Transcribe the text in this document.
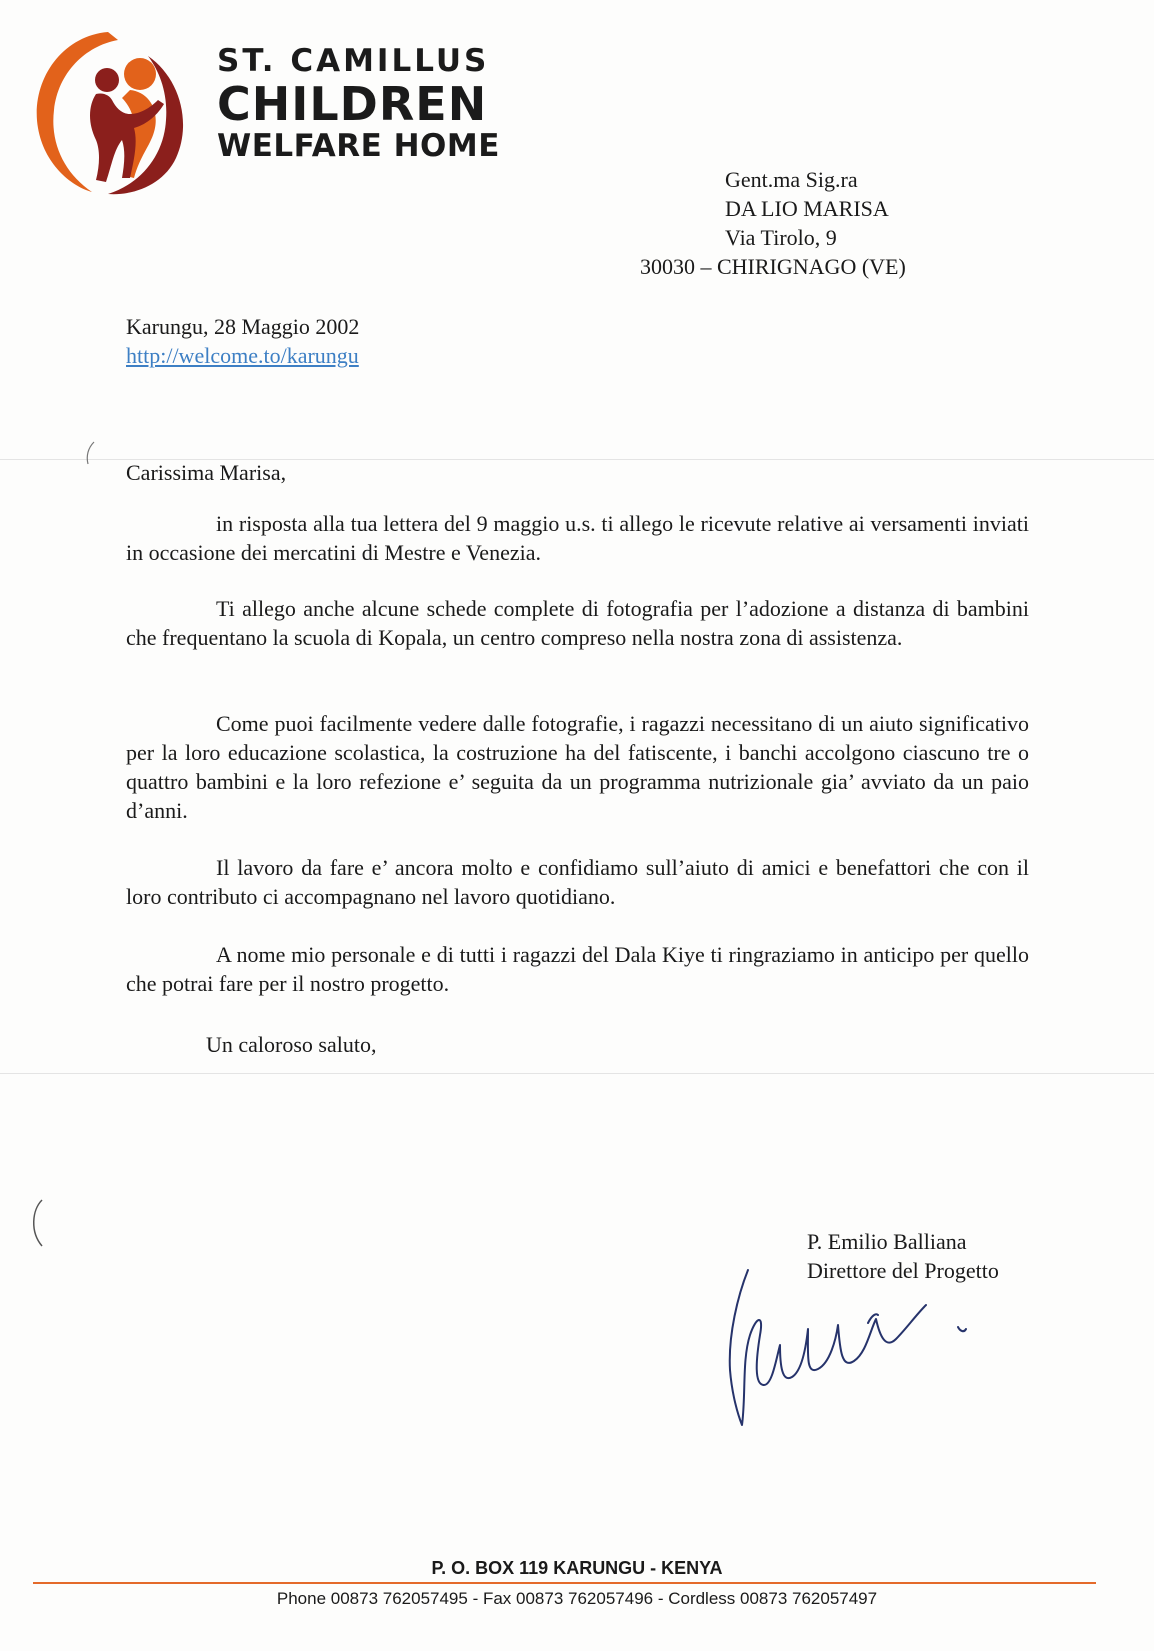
ST. CAMILLUS
CHILDREN
WELFARE HOME
Gent.ma Sig.ra
DA LIO MARISA
Via Tirolo, 9
30030 – CHIRIGNAGO (VE)
Karungu, 28 Maggio 2002
http://welcome.to/karungu
Carissima Marisa,
in risposta alla tua lettera del 9 maggio u.s. ti allego le ricevute relative ai versamenti inviati in occasione dei mercatini di Mestre e Venezia.
Ti allego anche alcune schede complete di fotografia per l’adozione a distanza di bambini che frequentano la scuola di Kopala, un centro compreso nella nostra zona di assistenza.
Come puoi facilmente vedere dalle fotografie, i ragazzi necessitano di un aiuto significativo per la loro educazione scolastica, la costruzione ha del fatiscente, i banchi accolgono ciascuno tre o quattro bambini e la loro refezione e’ seguita da un programma nutrizionale gia’ avviato da un paio d’anni.
Il lavoro da fare e’ ancora molto e confidiamo sull’aiuto di amici e benefattori che con il loro contributo ci accompagnano nel lavoro quotidiano.
A nome mio personale e di tutti i ragazzi del Dala Kiye ti ringraziamo in anticipo per quello che potrai fare per il nostro progetto.
Un caloroso saluto,
P. Emilio Balliana
Direttore del Progetto
P. O. BOX 119 KARUNGU - KENYA
Phone 00873 762057495 - Fax 00873 762057496 - Cordless 00873 762057497
